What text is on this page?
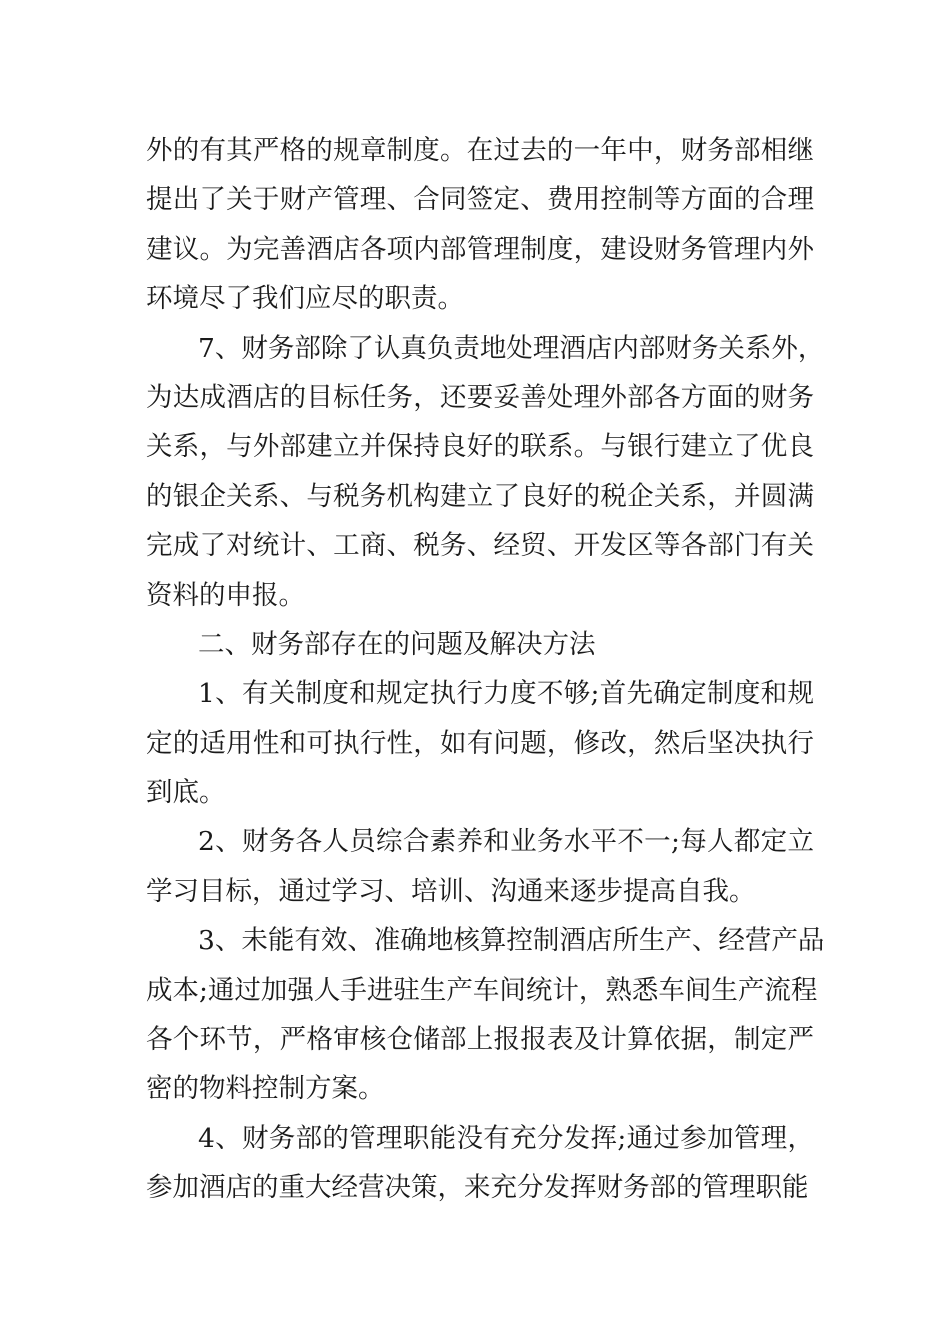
外的有其严格的规章制度。在过去的一年中，财务部相继
提出了关于财产管理、合同签定、费用控制等方面的合理
建议。为完善酒店各项内部管理制度，建设财务管理内外
环境尽了我们应尽的职责。
7、财务部除了认真负责地处理酒店内部财务关系外，
为达成酒店的目标任务，还要妥善处理外部各方面的财务
关系，与外部建立并保持良好的联系。与银行建立了优良
的银企关系、与税务机构建立了良好的税企关系，并圆满
完成了对统计、工商、税务、经贸、开发区等各部门有关
资料的申报。
二、财务部存在的问题及解决方法
1、有关制度和规定执行力度不够;首先确定制度和规
定的适用性和可执行性，如有问题，修改，然后坚决执行
到底。
2、财务各人员综合素养和业务水平不一;每人都定立
学习目标，通过学习、培训、沟通来逐步提高自我。
3、未能有效、准确地核算控制酒店所生产、经营产品
成本;通过加强人手进驻生产车间统计，熟悉车间生产流程
各个环节，严格审核仓储部上报报表及计算依据，制定严
密的物料控制方案。
4、财务部的管理职能没有充分发挥;通过参加管理，
参加酒店的重大经营决策，来充分发挥财务部的管理职能
